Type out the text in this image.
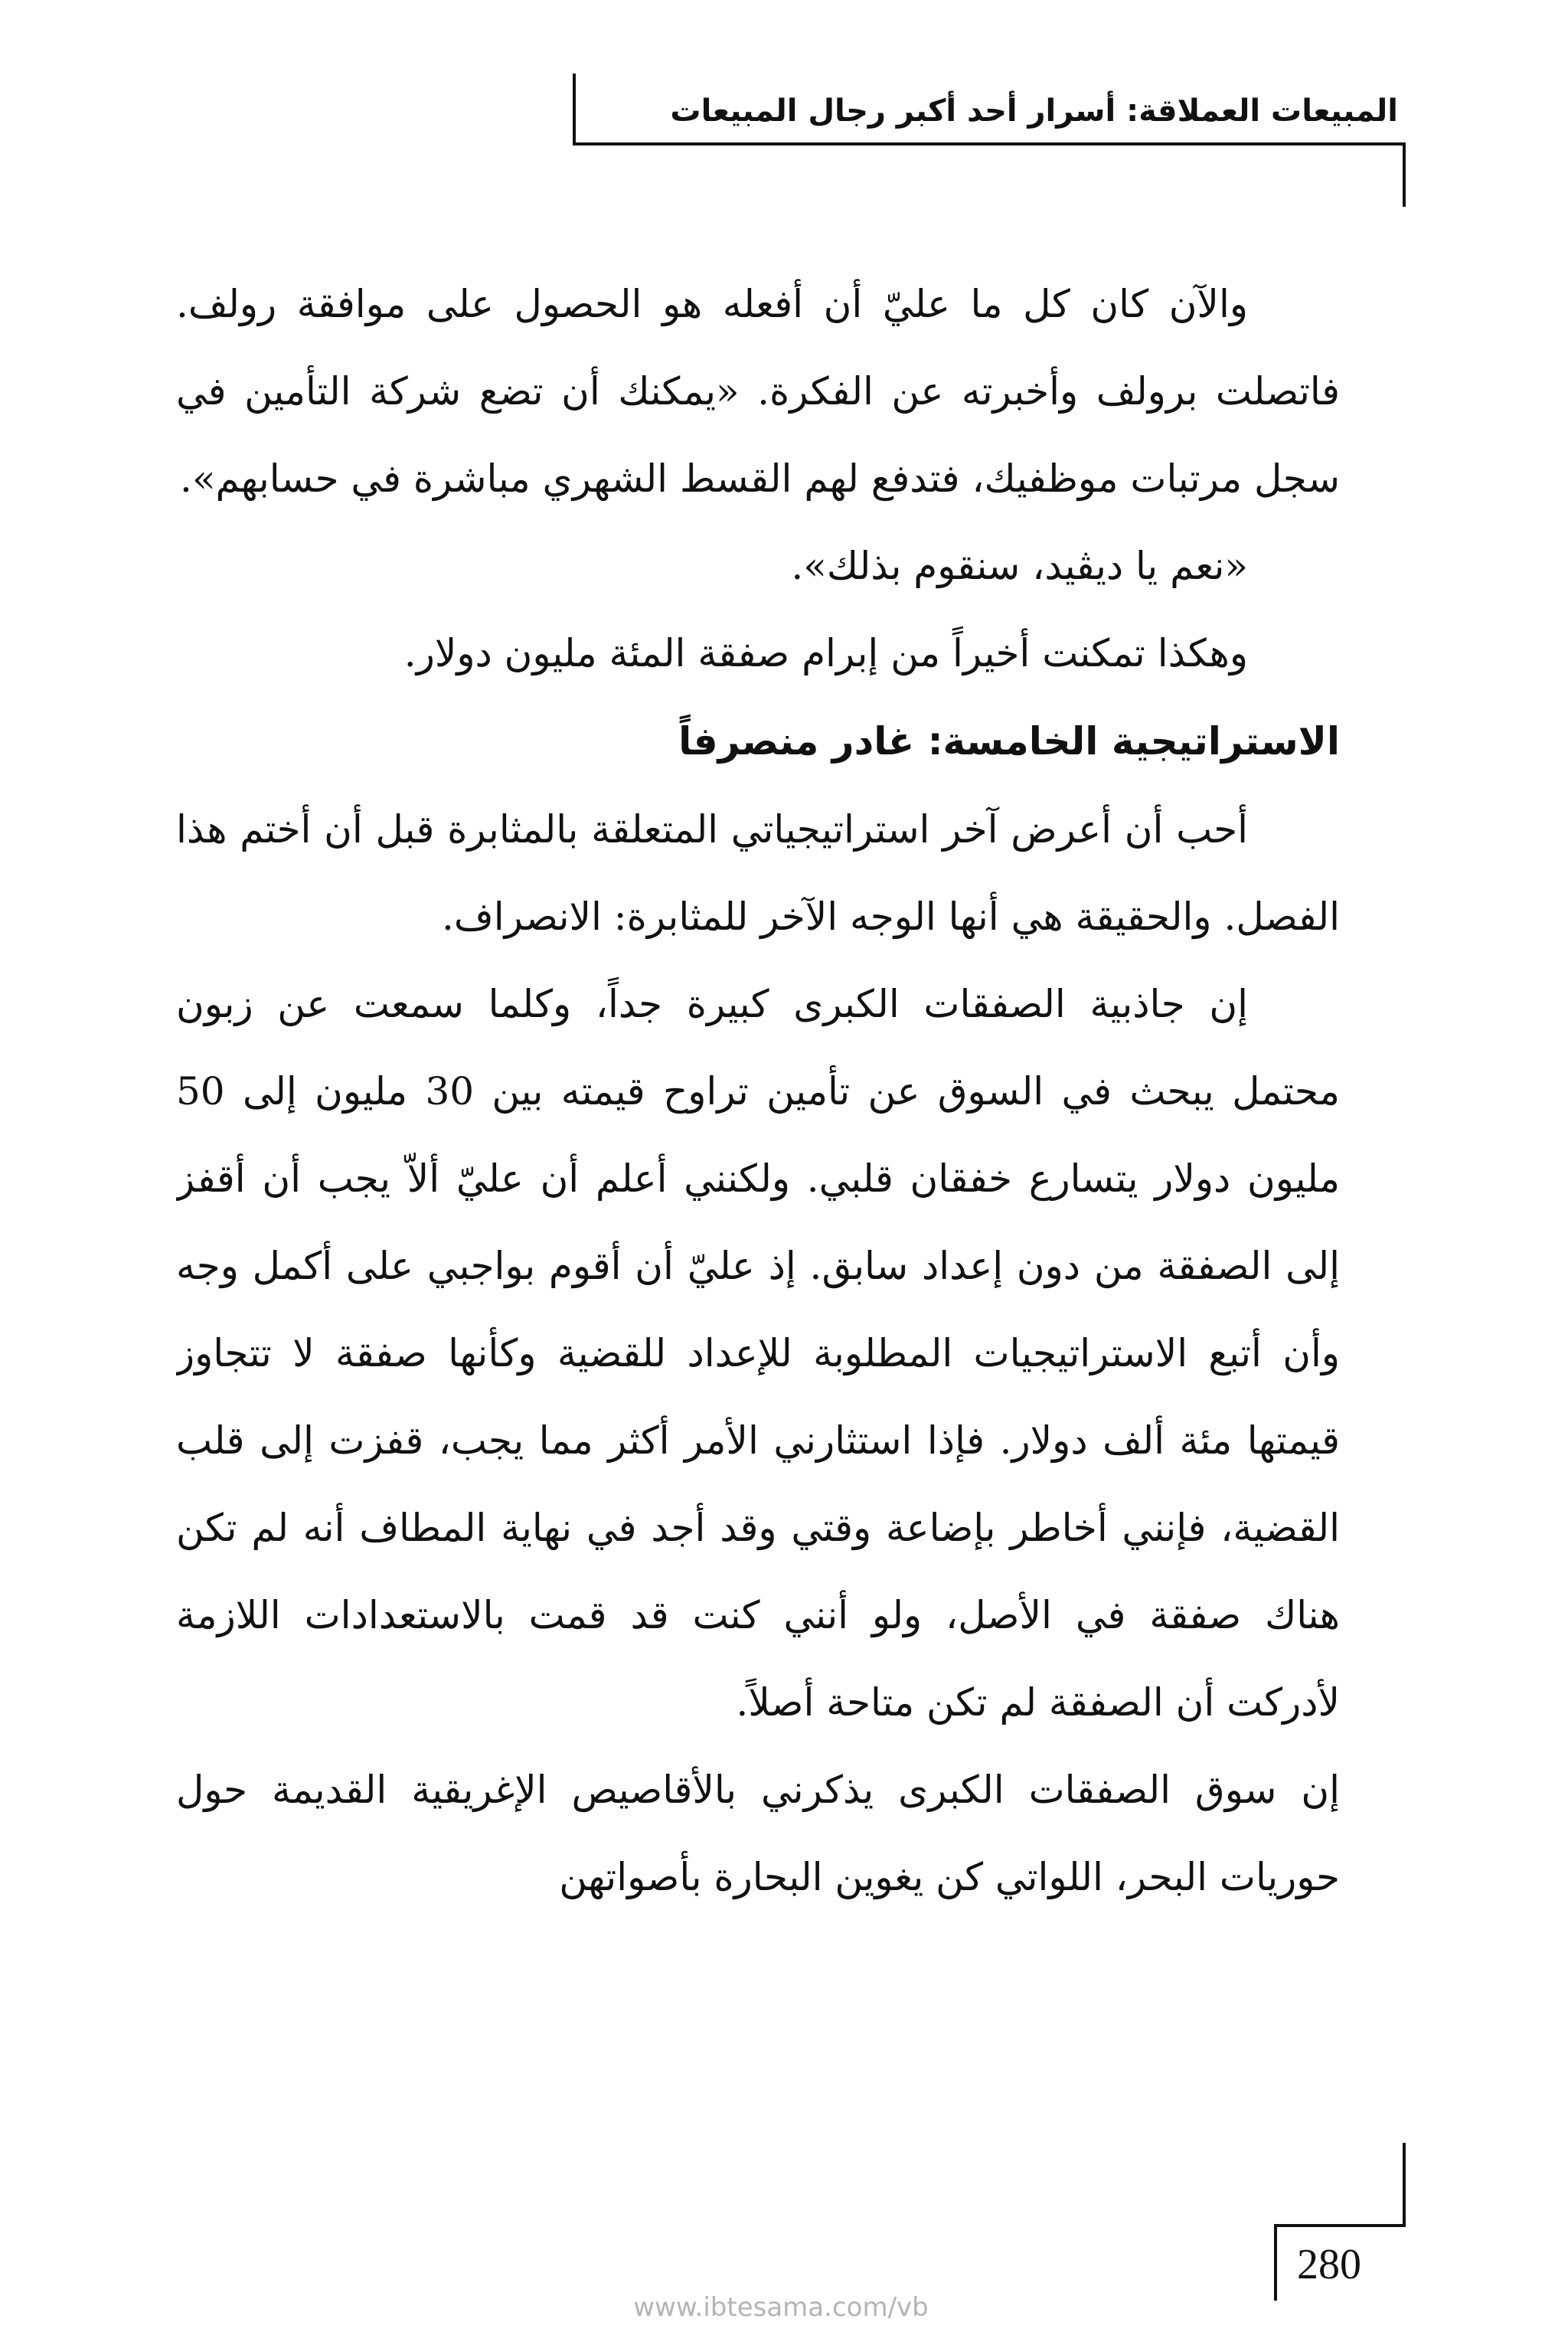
المبيعات العملاقة: أسرار أحد أكبر رجال المبيعات

والآن كان كل ما عليّ أن أفعله هو الحصول على موافقة رولف. فاتصلت برولف وأخبرته عن الفكرة. «يمكنك أن تضع شركة التأمين في سجل مرتبات موظفيك، فتدفع لهم القسط الشهري مباشرة في حسابهم».

«نعم يا ديڤيد، سنقوم بذلك».

وهكذا تمكنت أخيراً من إبرام صفقة المئة مليون دولار.

الاستراتيجية الخامسة: غادر منصرفاً

أحب أن أعرض آخر استراتيجياتي المتعلقة بالمثابرة قبل أن أختم هذا الفصل. والحقيقة هي أنها الوجه الآخر للمثابرة: الانصراف.

إن جاذبية الصفقات الكبرى كبيرة جداً، وكلما سمعت عن زبون محتمل يبحث في السوق عن تأمين تراوح قيمته بين 30 مليون إلى 50 مليون دولار يتسارع خفقان قلبي. ولكنني أعلم أن عليّ ألاّ يجب أن أقفز إلى الصفقة من دون إعداد سابق. إذ عليّ أن أقوم بواجبي على أكمل وجه وأن أتبع الاستراتيجيات المطلوبة للإعداد للقضية وكأنها صفقة لا تتجاوز قيمتها مئة ألف دولار. فإذا استثارني الأمر أكثر مما يجب، قفزت إلى قلب القضية، فإنني أخاطر بإضاعة وقتي وقد أجد في نهاية المطاف أنه لم تكن هناك صفقة في الأصل، ولو أنني كنت قد قمت بالاستعدادات اللازمة لأدركت أن الصفقة لم تكن متاحة أصلاً.

إن سوق الصفقات الكبرى يذكرني بالأقاصيص الإغريقية القديمة حول حوريات البحر، اللواتي كن يغوين البحارة بأصواتهن

280
www.ibtesama.com/vb
